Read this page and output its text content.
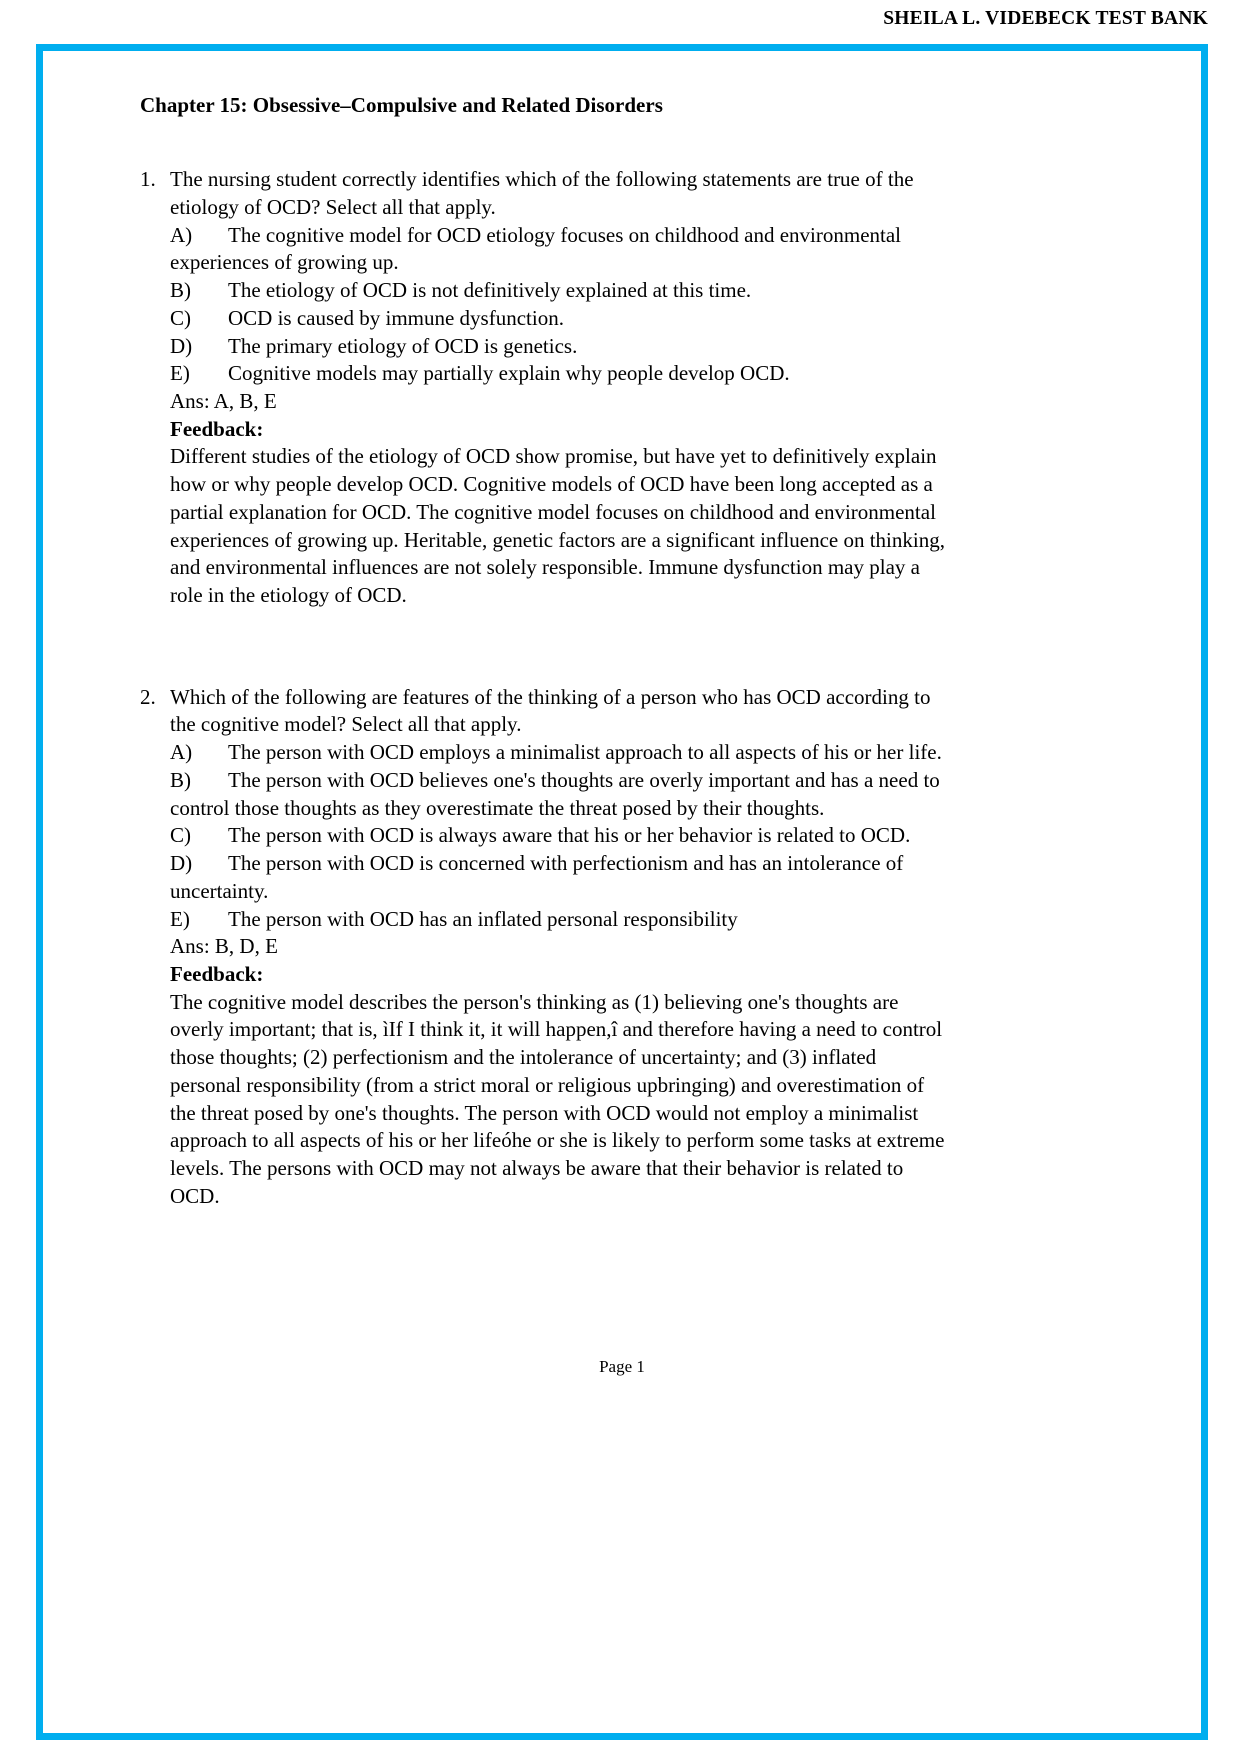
SHEILA L. VIDEBECK TEST BANK
Chapter 15: Obsessive–Compulsive and Related Disorders
1. The nursing student correctly identifies which of the following statements are true of the etiology of OCD? Select all that apply.

A) The cognitive model for OCD etiology focuses on childhood and environmental experiences of growing up.

B) The etiology of OCD is not definitively explained at this time.

C) OCD is caused by immune dysfunction.

D) The primary etiology of OCD is genetics.

E) Cognitive models may partially explain why people develop OCD.

Ans: A, B, E

Feedback:

Different studies of the etiology of OCD show promise, but have yet to definitively explain how or why people develop OCD. Cognitive models of OCD have been long accepted as a partial explanation for OCD. The cognitive model focuses on childhood and environmental experiences of growing up. Heritable, genetic factors are a significant influence on thinking, and environmental influences are not solely responsible. Immune dysfunction may play a role in the etiology of OCD.

2. Which of the following are features of the thinking of a person who has OCD according to the cognitive model? Select all that apply.

A) The person with OCD employs a minimalist approach to all aspects of his or her life.

B) The person with OCD believes one's thoughts are overly important and has a need to control those thoughts as they overestimate the threat posed by their thoughts.

C) The person with OCD is always aware that his or her behavior is related to OCD.

D) The person with OCD is concerned with perfectionism and has an intolerance of uncertainty.

E) The person with OCD has an inflated personal responsibility

Ans: B, D, E

Feedback:

The cognitive model describes the person's thinking as (1) believing one's thoughts are overly important; that is, ìIf I think it, it will happen,î and therefore having a need to control those thoughts; (2) perfectionism and the intolerance of uncertainty; and (3) inflated personal responsibility (from a strict moral or religious upbringing) and overestimation of the threat posed by one's thoughts. The person with OCD would not employ a minimalist approach to all aspects of his or her lifeóhe or she is likely to perform some tasks at extreme levels. The persons with OCD may not always be aware that their behavior is related to OCD.

Page 1
